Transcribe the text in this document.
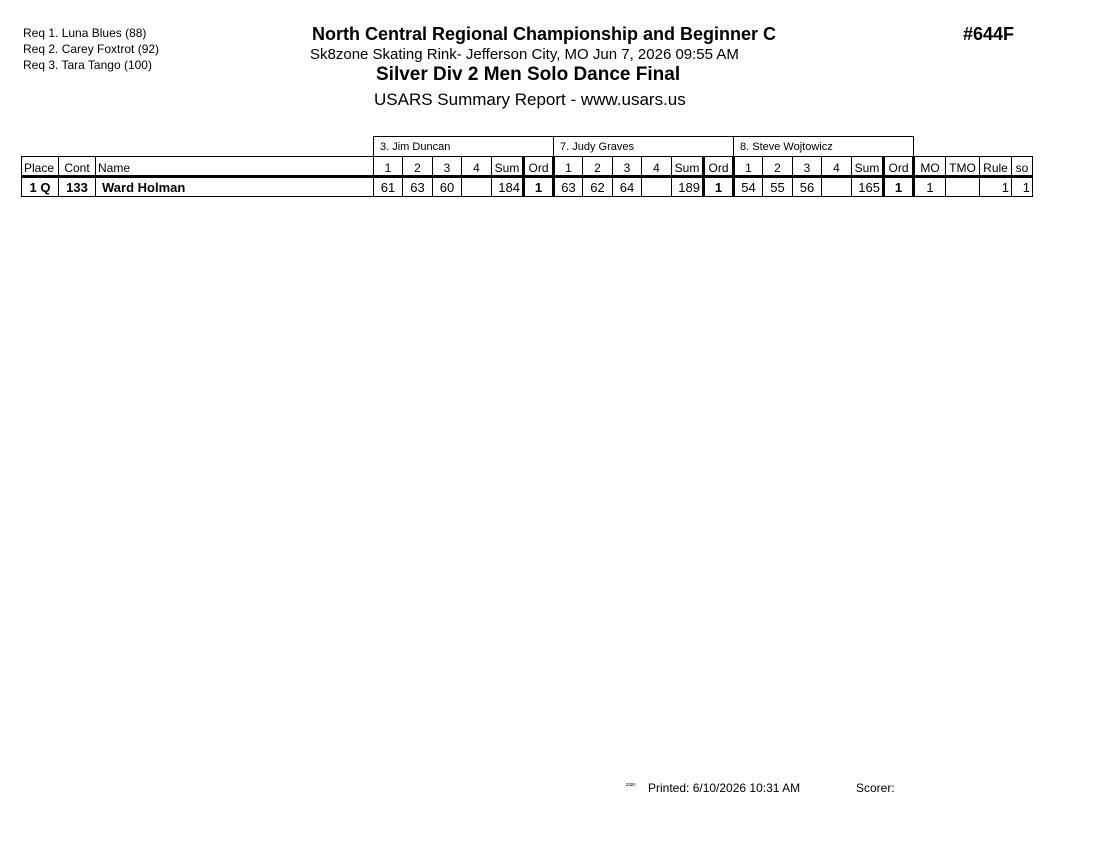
Req 1. Luna Blues (88)
Req 2. Carey Foxtrot (92)
Req 3. Tara Tango (100)
North Central Regional Championship and Beginner C
Sk8zone Skating Rink- Jefferson City, MO Jun 7, 2026 09:55 AM
Silver Div 2 Men Solo Dance Final
USARS Summary Report - www.usars.us
#644F
			3. Jim Duncan						7. Judy Graves						8. Steve Wojtowicz									
Place	Cont	Name	1	2	3	4	Sum	Ord	1	2	3	4	Sum	Ord	1	2	3	4	Sum	Ord	MO	TMO	Rule	so
1 Q	133	Ward Holman	61	63	60		184	1	63	62	64		189	1	54	55	56		165	1	1		1	1
²³²⁰ Printed: 6/10/2026 10:31 AM	Scorer:
